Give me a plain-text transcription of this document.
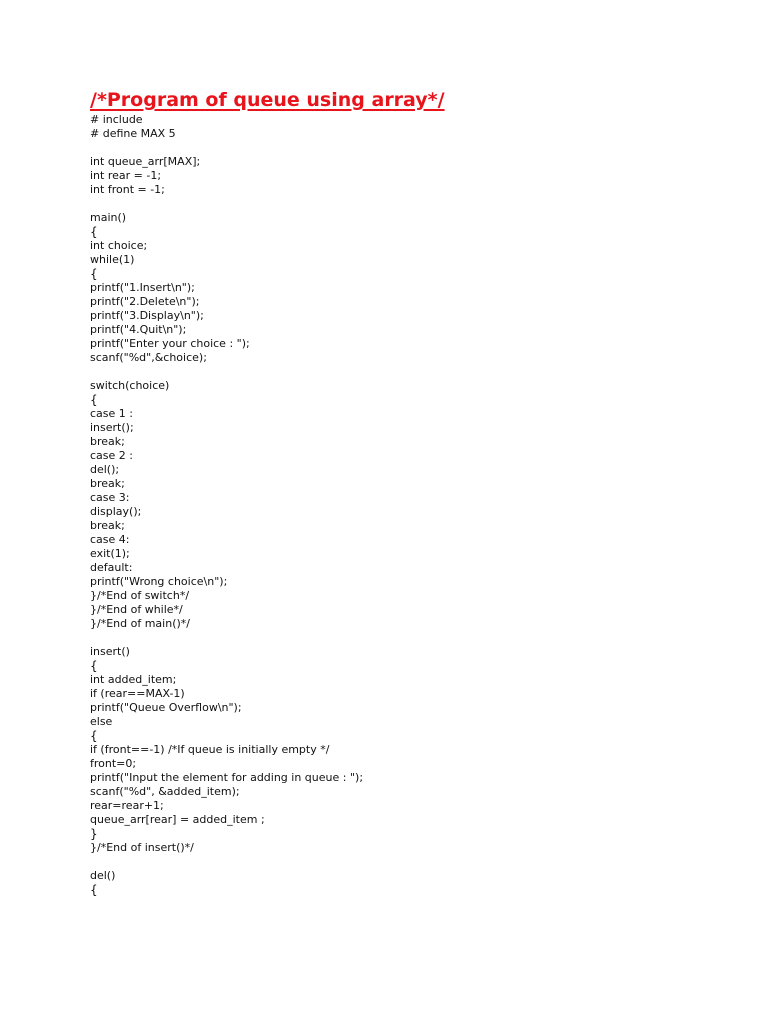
/*Program of queue using array*/
# include
# define MAX 5
int queue_arr[MAX];
int rear = -1;
int front = -1;
main()
{
int choice;
while(1)
{
printf("1.Insert\n");
printf("2.Delete\n");
printf("3.Display\n");
printf("4.Quit\n");
printf("Enter your choice : ");
scanf("%d",&choice);
switch(choice)
{
case 1 :
insert();
break;
case 2 :
del();
break;
case 3:
display();
break;
case 4:
exit(1);
default:
printf("Wrong choice\n");
}/*End of switch*/
}/*End of while*/
}/*End of main()*/
insert()
{
int added_item;
if (rear==MAX-1)
printf("Queue Overflow\n");
else
{
if (front==-1) /*If queue is initially empty */
front=0;
printf("Input the element for adding in queue : ");
scanf("%d", &added_item);
rear=rear+1;
queue_arr[rear] = added_item ;
}
}/*End of insert()*/
del()
{
